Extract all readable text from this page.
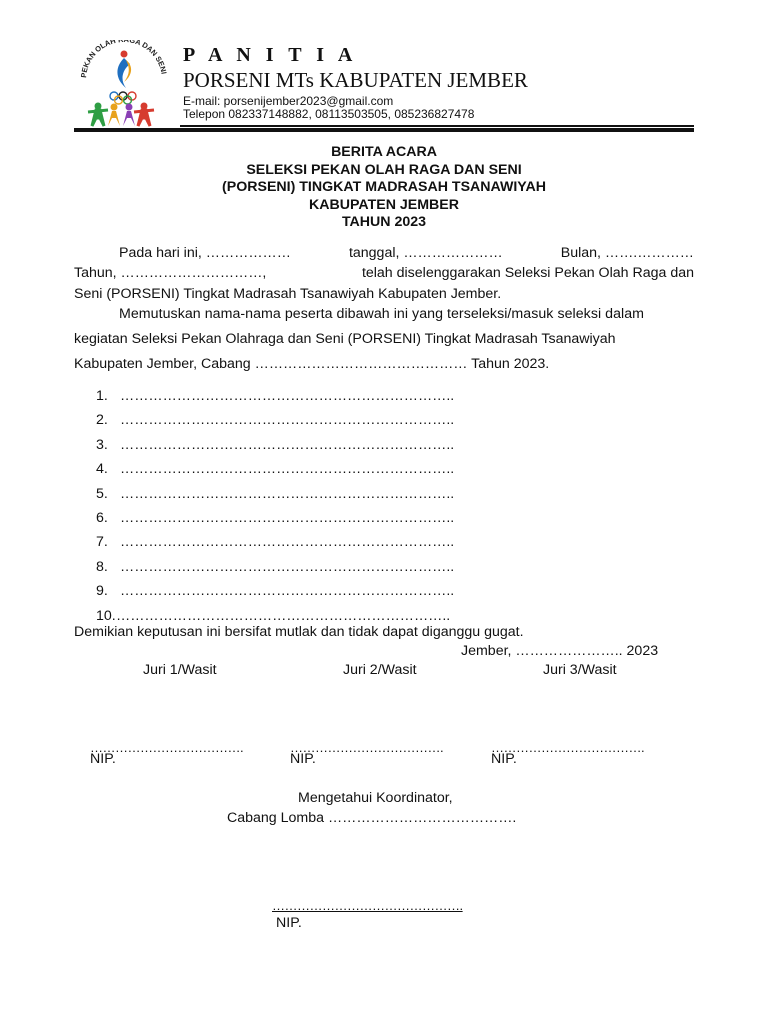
PEKAN OLAH GA DAN SENI
P A N I T I A
PORSENI MTs KABUPATEN JEMBER
E-mail: porsenijember2023@gmail.com
Telepon 082337148882, 08113503505, 085236827478
BERITA ACARA
SELEKSI PEKAN OLAH RAGA DAN SENI
(PORSENI) TINGKAT MADRASAH TSANAWIYAH
KABUPATEN JEMBER
TAHUN 2023
Pada hari ini, ………………	tanggal, …………………	Bulan, …….…………
Tahun, …………………………,	telah diselenggarakan Seleksi Pekan Olah Raga dan
Seni (PORSENI) Tingkat Madrasah Tsanawiyah Kabupaten Jember.
Memutuskan nama-nama peserta dibawah ini yang terseleksi/masuk seleksi dalam
kegiatan Seleksi Pekan Olahraga dan Seni (PORSENI) Tingkat Madrasah Tsanawiyah
Kabupaten Jember, Cabang ……………………………………… Tahun 2023.
1. ……………………………………………………………..
2. ……………………………………………………………..
3. ……………………………………………………………..
4. ……………………………………………………………..
5. ……………………………………………………………..
6. ……………………………………………………………..
7. ……………………………………………………………..
8. ……………………………………………………………..
9. ……………………………………………………………..
10.……………………………………………………………..
Demikian keputusan ini bersifat mutlak dan tidak dapat diganggu gugat.
Jember, ………………….. 2023
Juri 1/Wasit	Juri 2/Wasit	Juri 3/Wasit
……………………………….	……………………………….	……………………………….
NIP.	NIP.	NIP.
Mengetahui Koordinator,
Cabang Lomba ………………………………….
……………………………………….
NIP.
